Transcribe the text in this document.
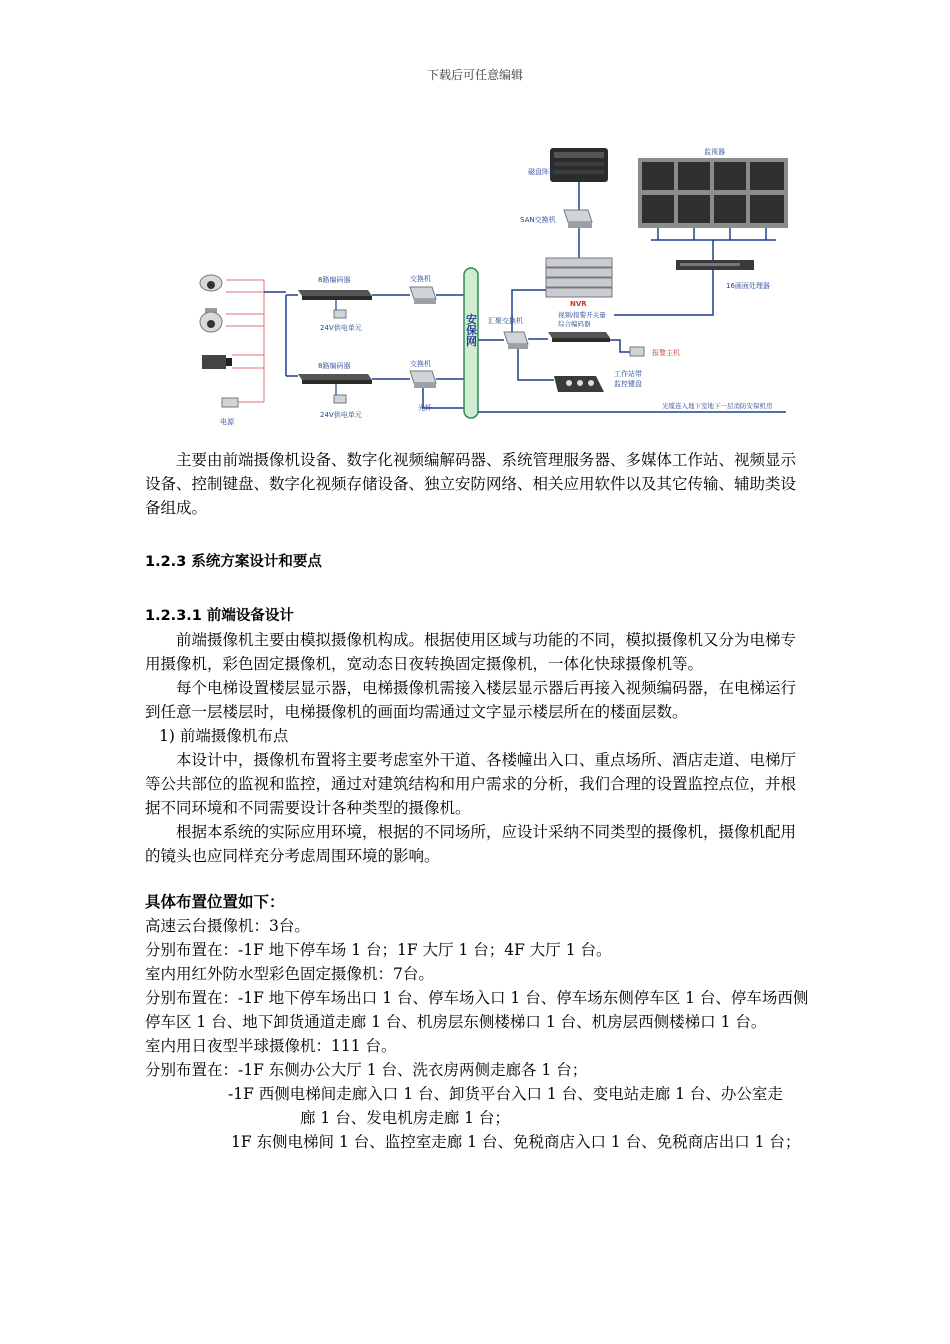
下载后可任意编辑
磁盘阵列
SAN交换机
NVR
监视器
16画面处理器
电源
8路编码器
24V供电单元
交换机
8路编码器
24V供电单元
交换机
光纤
安保网 汇聚交换机
视频/报警开关量
综合编码器
报警主机
工作站带
监控键盘
光缆连入地下室地下一层消防安保机房

主要由前端摄像机设备、数字化视频编解码器、系统管理服务器、多媒体工作站、视频显示设备、控制键盘、数字化视频存储设备、独立安防网络、相关应用软件以及其它传输、辅助类设备组成。

1.2.3 系统方案设计和要点

1.2.3.1 前端设备设计

前端摄像机主要由模拟摄像机构成。根据使用区域与功能的不同，模拟摄像机又分为电梯专用摄像机，彩色固定摄像机，宽动态日夜转换固定摄像机，一体化快球摄像机等。

每个电梯设置楼层显示器，电梯摄像机需接入楼层显示器后再接入视频编码器，在电梯运行到任意一层楼层时，电梯摄像机的画面均需通过文字显示楼层所在的楼面层数。

1) 前端摄像机布点

本设计中，摄像机布置将主要考虑室外干道、各楼幢出入口、重点场所、酒店走道、电梯厅等公共部位的监视和监控，通过对建筑结构和用户需求的分析，我们合理的设置监控点位，并根据不同环境和不同需要设计各种类型的摄像机。

根据本系统的实际应用环境，根据的不同场所，应设计采纳不同类型的摄像机，摄像机配用的镜头也应同样充分考虑周围环境的影响。

具体布置位置如下：

高速云台摄像机：3台。

分别布置在：-1F 地下停车场 1 台；1F 大厅 1 台；4F 大厅 1 台。

室内用红外防水型彩色固定摄像机：7台。

分别布置在：-1F 地下停车场出口 1 台、停车场入口 1 台、停车场东侧停车区 1 台、停车场西侧停车区 1 台、地下卸货通道走廊 1 台、机房层东侧楼梯口 1 台、机房层西侧楼梯口 1 台。

室内用日夜型半球摄像机：111 台。

分别布置在：-1F 东侧办公大厅 1 台、洗衣房两侧走廊各 1 台；

-1F 西侧电梯间走廊入口 1 台、卸货平台入口 1 台、变电站走廊 1 台、办公室走

廊 1 台、发电机房走廊 1 台；

1F 东侧电梯间 1 台、监控室走廊 1 台、免税商店入口 1 台、免税商店出口 1 台；
